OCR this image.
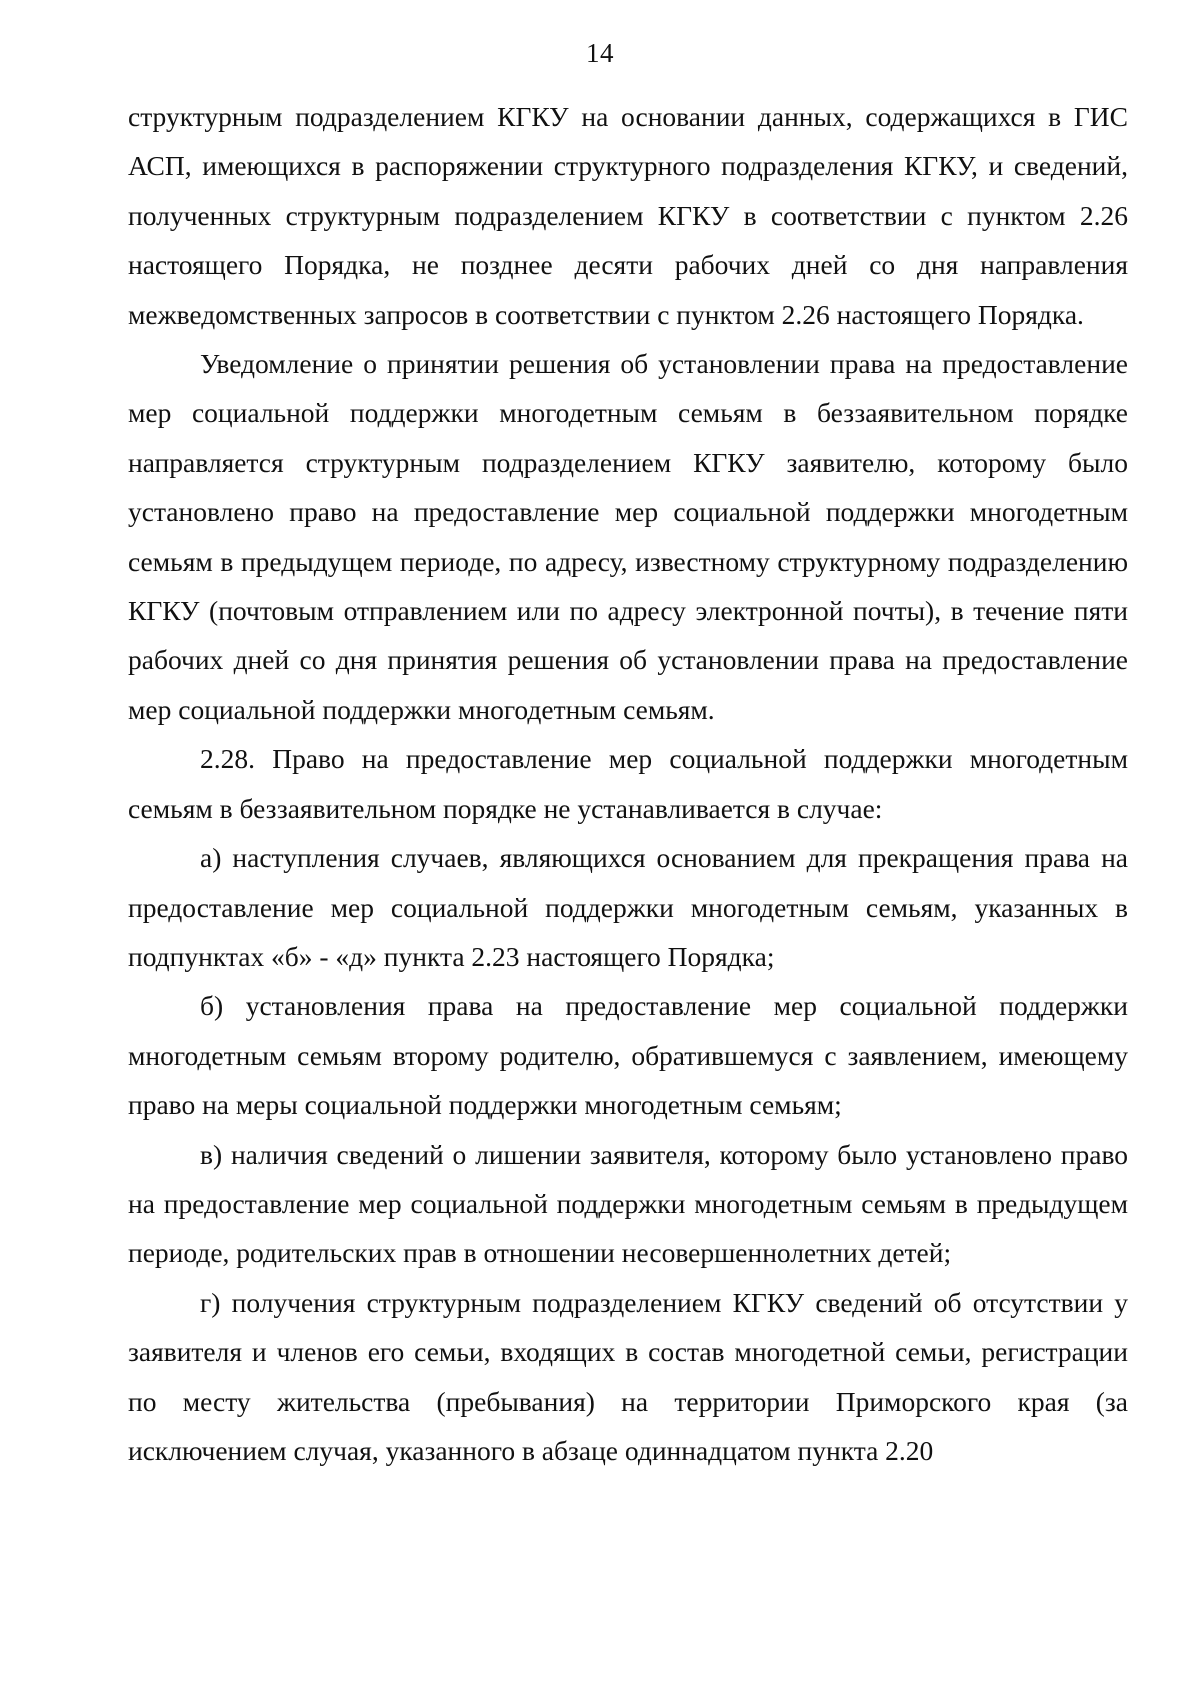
14

структурным подразделением КГКУ на основании данных, содержащихся в ГИС АСП, имеющихся в распоряжении структурного подразделения КГКУ, и сведений, полученных структурным подразделением КГКУ в соответствии с пунктом 2.26 настоящего Порядка, не позднее десяти рабочих дней со дня направления межведомственных запросов в соответствии с пунктом 2.26 настоящего Порядка.

Уведомление о принятии решения об установлении права на предоставление мер социальной поддержки многодетным семьям в беззаявительном порядке направляется структурным подразделением КГКУ заявителю, которому было установлено право на предоставление мер социальной поддержки многодетным семьям в предыдущем периоде, по адресу, известному структурному подразделению КГКУ (почтовым отправлением или по адресу электронной почты), в течение пяти рабочих дней со дня принятия решения об установлении права на предоставление мер социальной поддержки многодетным семьям.

2.28. Право на предоставление мер социальной поддержки многодетным семьям в беззаявительном порядке не устанавливается в случае:

а) наступления случаев, являющихся основанием для прекращения права на предоставление мер социальной поддержки многодетным семьям, указанных в подпунктах «б» - «д» пункта 2.23 настоящего Порядка;

б) установления права на предоставление мер социальной поддержки многодетным семьям второму родителю, обратившемуся с заявлением, имеющему право на меры социальной поддержки многодетным семьям;

в) наличия сведений о лишении заявителя, которому было установлено право на предоставление мер социальной поддержки многодетным семьям в предыдущем периоде, родительских прав в отношении несовершеннолетних детей;

г) получения структурным подразделением КГКУ сведений об отсутствии у заявителя и членов его семьи, входящих в состав многодетной семьи, регистрации по месту жительства (пребывания) на территории Приморского края (за исключением случая, указанного в абзаце одиннадцатом пункта 2.20
